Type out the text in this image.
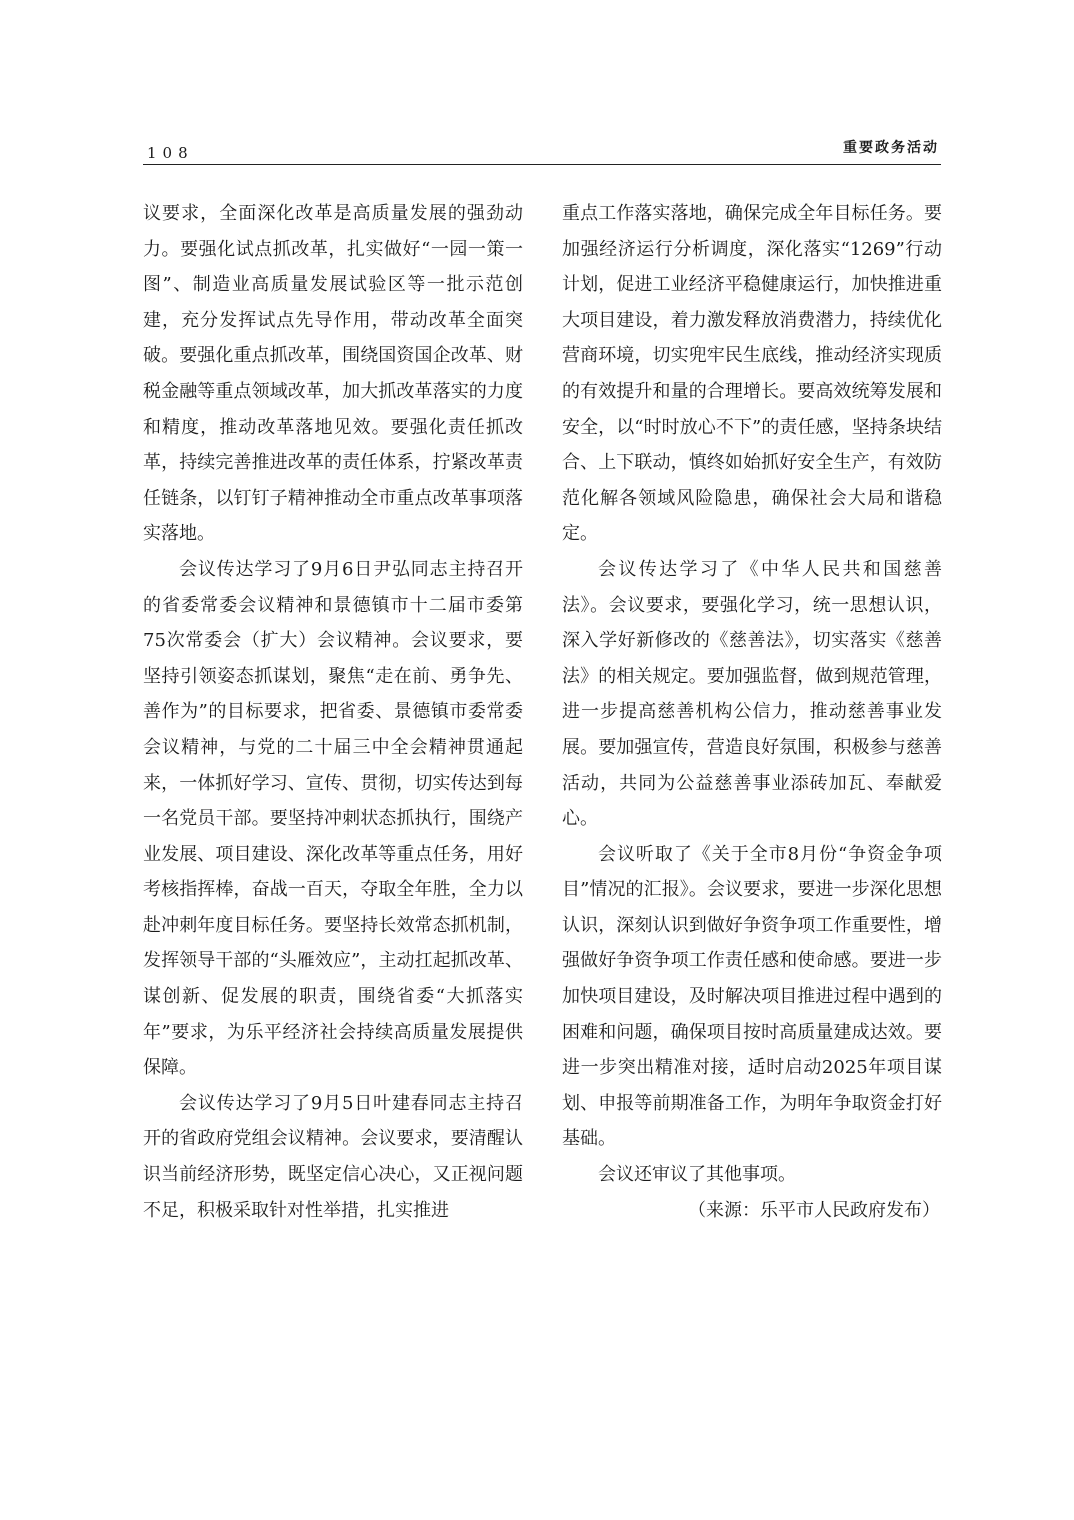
108	重要政务活动

议要求，全面深化改革是高质量发展的强劲动力。要强化试点抓改革，扎实做好“一园一策一图”、制造业高质量发展试验区等一批示范创建，充分发挥试点先导作用，带动改革全面突破。要强化重点抓改革，围绕国资国企改革、财税金融等重点领域改革，加大抓改革落实的力度和精度，推动改革落地见效。要强化责任抓改革，持续完善推进改革的责任体系，拧紧改革责任链条，以钉钉子精神推动全市重点改革事项落实落地。

会议传达学习了9月6日尹弘同志主持召开的省委常委会议精神和景德镇市十二届市委第75次常委会（扩大）会议精神。会议要求，要坚持引领姿态抓谋划，聚焦“走在前、勇争先、善作为”的目标要求，把省委、景德镇市委常委会议精神，与党的二十届三中全会精神贯通起来，一体抓好学习、宣传、贯彻，切实传达到每一名党员干部。要坚持冲刺状态抓执行，围绕产业发展、项目建设、深化改革等重点任务，用好考核指挥棒，奋战一百天，夺取全年胜，全力以赴冲刺年度目标任务。要坚持长效常态抓机制，发挥领导干部的“头雁效应”，主动扛起抓改革、谋创新、促发展的职责，围绕省委“大抓落实年”要求，为乐平经济社会持续高质量发展提供保障。

会议传达学习了9月5日叶建春同志主持召开的省政府党组会议精神。会议要求，要清醒认识当前经济形势，既坚定信心决心，又正视问题不足，积极采取针对性举措，扎实推进

重点工作落实落地，确保完成全年目标任务。要加强经济运行分析调度，深化落实“1269”行动计划，促进工业经济平稳健康运行，加快推进重大项目建设，着力激发释放消费潜力，持续优化营商环境，切实兜牢民生底线，推动经济实现质的有效提升和量的合理增长。要高效统筹发展和安全，以“时时放心不下”的责任感，坚持条块结合、上下联动，慎终如始抓好安全生产，有效防范化解各领域风险隐患，确保社会大局和谐稳定。

会议传达学习了《中华人民共和国慈善法》。会议要求，要强化学习，统一思想认识，深入学好新修改的《慈善法》，切实落实《慈善法》的相关规定。要加强监督，做到规范管理，进一步提高慈善机构公信力，推动慈善事业发展。要加强宣传，营造良好氛围，积极参与慈善活动，共同为公益慈善事业添砖加瓦、奉献爱心。

会议听取了《关于全市8月份“争资金争项目”情况的汇报》。会议要求，要进一步深化思想认识，深刻认识到做好争资争项工作重要性，增强做好争资争项工作责任感和使命感。要进一步加快项目建设，及时解决项目推进过程中遇到的困难和问题，确保项目按时高质量建成达效。要进一步突出精准对接，适时启动2025年项目谋划、申报等前期准备工作，为明年争取资金打好基础。

会议还审议了其他事项。

（来源：乐平市人民政府发布）
